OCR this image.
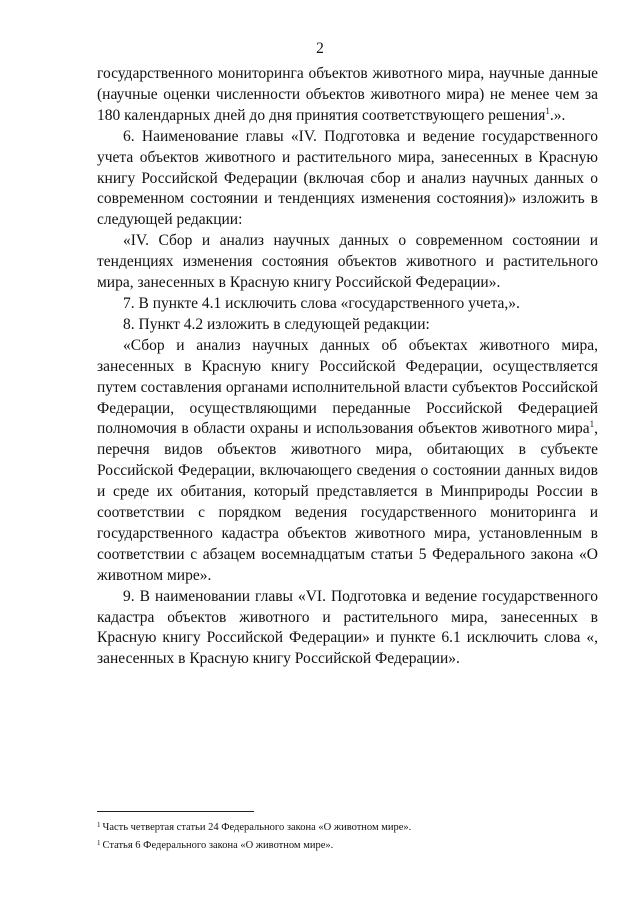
2

государственного мониторинга объектов животного мира, научные данные (научные оценки численности объектов животного мира) не менее чем за 180 календарных дней до дня принятия соответствующего решения$^1$.».

6. Наименование главы «IV. Подготовка и ведение государственного учета объектов животного и растительного мира, занесенных в Красную книгу Российской Федерации (включая сбор и анализ научных данных о современном состоянии и тенденциях изменения состояния)» изложить в следующей редакции:

«IV. Сбор и анализ научных данных о современном состоянии и тенденциях изменения состояния объектов животного и растительного мира, занесенных в Красную книгу Российской Федерации».

7. В пункте 4.1 исключить слова «государственного учета,».

8. Пункт 4.2 изложить в следующей редакции:

«Сбор и анализ научных данных об объектах животного мира, занесенных в Красную книгу Российской Федерации, осуществляется путем составления органами исполнительной власти субъектов Российской Федерации, осуществляющими переданные Российской Федерацией полномочия в области охраны и использования объектов животного мира$^1$, перечня видов объектов животного мира, обитающих в субъекте Российской Федерации, включающего сведения о состоянии данных видов и среде их обитания, который представляется в Минприроды России в соответствии с порядком ведения государственного мониторинга и государственного кадастра объектов животного мира, установленным в соответствии с абзацем восемнадцатым статьи 5 Федерального закона «О животном мире».

9. В наименовании главы «VI. Подготовка и ведение государственного кадастра объектов животного и растительного мира, занесенных в Красную книгу Российской Федерации» и пункте 6.1 исключить слова «, занесенных в Красную книгу Российской Федерации».

$^1$ Часть четвертая статьи 24 Федерального закона «О животном мире».

$^1$ Статья 6 Федерального закона «О животном мире».
